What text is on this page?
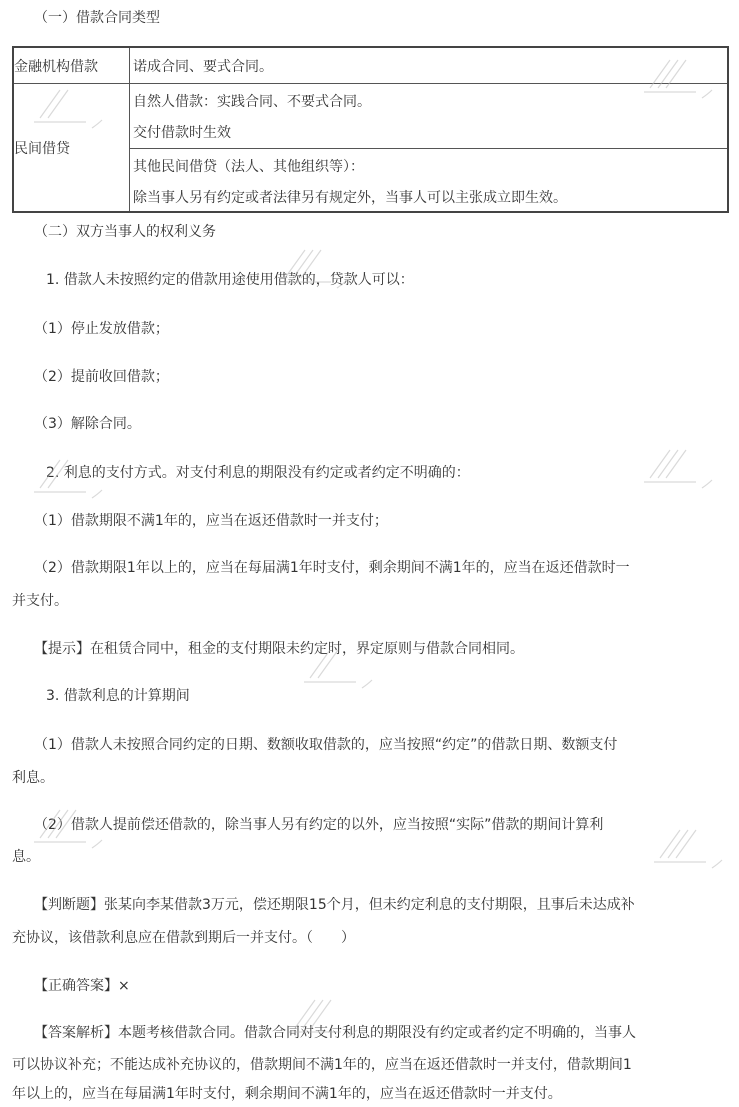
（一）借款合同类型
金融机构借款	诺成合同、要式合同。
民间借贷
自然人借款：实践合同、不要式合同。
交付借款时生效
其他民间借贷（法人、其他组织等）：
除当事人另有约定或者法律另有规定外，当事人可以主张成立即生效。
（二）双方当事人的权利义务
1. 借款人未按照约定的借款用途使用借款的，贷款人可以：
（1）停止发放借款；
（2）提前收回借款；
（3）解除合同。
2. 利息的支付方式。对支付利息的期限没有约定或者约定不明确的：
（1）借款期限不满1年的，应当在返还借款时一并支付；
（2）借款期限1年以上的，应当在每届满1年时支付，剩余期间不满1年的，应当在返还借款时一
并支付。
【提示】在租赁合同中，租金的支付期限未约定时，界定原则与借款合同相同。
3. 借款利息的计算期间
（1）借款人未按照合同约定的日期、数额收取借款的，应当按照“约定”的借款日期、数额支付
利息。
（2）借款人提前偿还借款的，除当事人另有约定的以外，应当按照“实际”借款的期间计算利
息。
【判断题】张某向李某借款3万元，偿还期限15个月，但未约定利息的支付期限，且事后未达成补
充协议，该借款利息应在借款到期后一并支付。（　　）
【正确答案】×
【答案解析】本题考核借款合同。借款合同对支付利息的期限没有约定或者约定不明确的，当事人
可以协议补充；不能达成补充协议的，借款期间不满1年的，应当在返还借款时一并支付，借款期间1
年以上的，应当在每届满1年时支付，剩余期间不满1年的，应当在返还借款时一并支付。
